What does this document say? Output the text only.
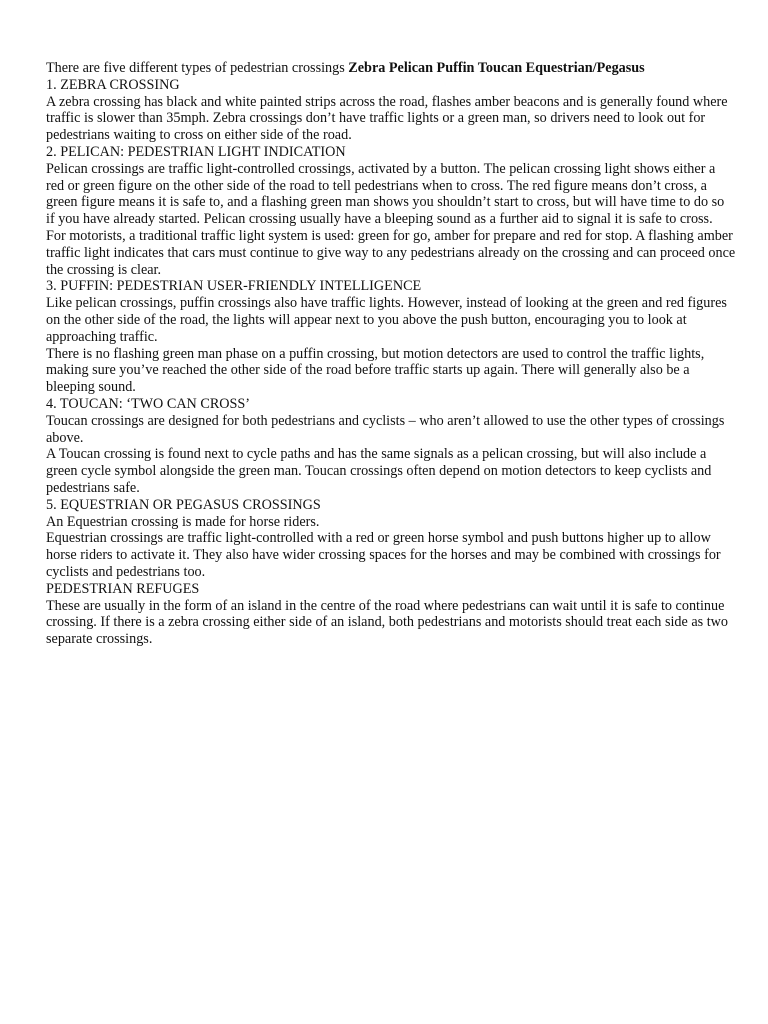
There are five different types of pedestrian crossings Zebra Pelican Puffin Toucan Equestrian/Pegasus

1. ZEBRA CROSSING

A zebra crossing has black and white painted strips across the road, flashes amber beacons and is generally found where traffic is slower than 35mph. Zebra crossings don’t have traffic lights or a green man, so drivers need to look out for pedestrians waiting to cross on either side of the road.

2. PELICAN: PEDESTRIAN LIGHT INDICATION

Pelican crossings are traffic light-controlled crossings, activated by a button. The pelican crossing light shows either a red or green figure on the other side of the road to tell pedestrians when to cross. The red figure means don’t cross, a green figure means it is safe to, and a flashing green man shows you shouldn’t start to cross, but will have time to do so if you have already started. Pelican crossing usually have a bleeping sound as a further aid to signal it is safe to cross.

For motorists, a traditional traffic light system is used: green for go, amber for prepare and red for stop. A flashing amber traffic light indicates that cars must continue to give way to any pedestrians already on the crossing and can proceed once the crossing is clear.

3. PUFFIN: PEDESTRIAN USER-FRIENDLY INTELLIGENCE

Like pelican crossings, puffin crossings also have traffic lights. However, instead of looking at the green and red figures on the other side of the road, the lights will appear next to you above the push button, encouraging you to look at approaching traffic.

There is no flashing green man phase on a puffin crossing, but motion detectors are used to control the traffic lights, making sure you’ve reached the other side of the road before traffic starts up again. There will generally also be a bleeping sound.

4. TOUCAN: ‘TWO CAN CROSS’

Toucan crossings are designed for both pedestrians and cyclists – who aren’t allowed to use the other types of crossings above.

A Toucan crossing is found next to cycle paths and has the same signals as a pelican crossing, but will also include a green cycle symbol alongside the green man. Toucan crossings often depend on motion detectors to keep cyclists and pedestrians safe.

5. EQUESTRIAN OR PEGASUS CROSSINGS

An Equestrian crossing is made for horse riders.

Equestrian crossings are traffic light-controlled with a red or green horse symbol and push buttons higher up to allow horse riders to activate it. They also have wider crossing spaces for the horses and may be combined with crossings for cyclists and pedestrians too.

PEDESTRIAN REFUGES

These are usually in the form of an island in the centre of the road where pedestrians can wait until it is safe to continue crossing. If there is a zebra crossing either side of an island, both pedestrians and motorists should treat each side as two separate crossings.
